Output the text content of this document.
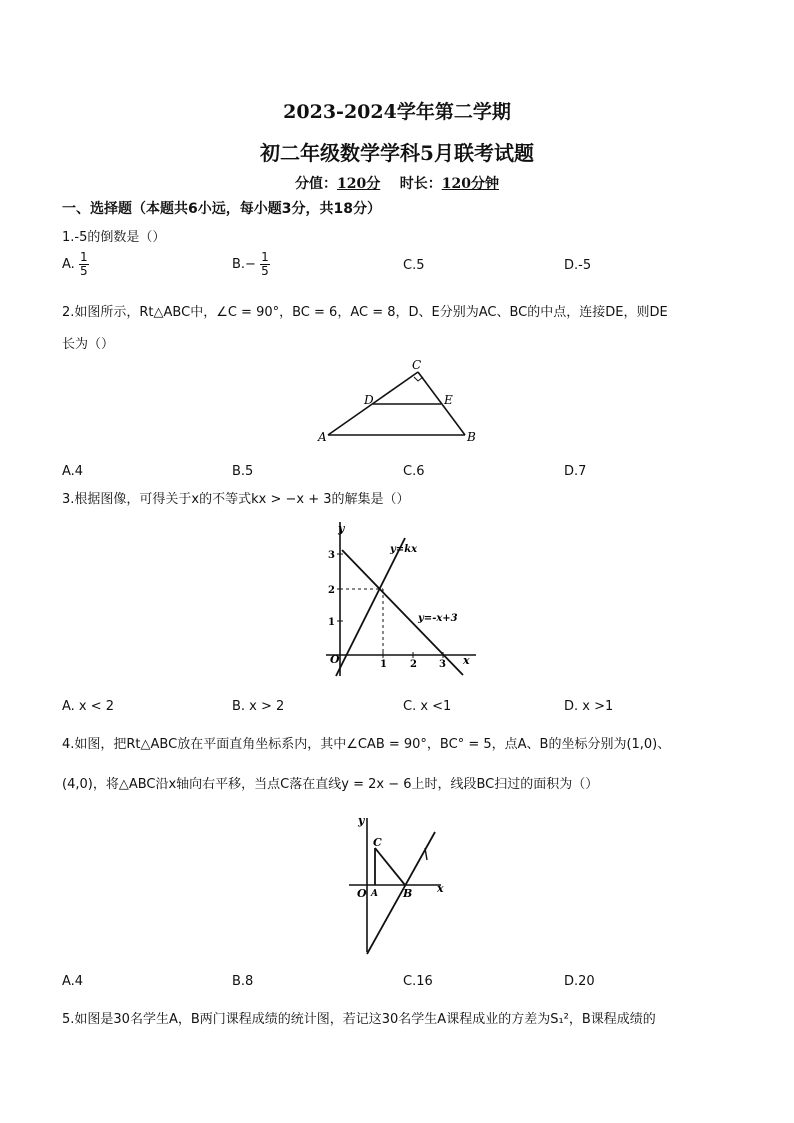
2023-2024学年第二学期
初二年级数学学科5月联考试题
分值：120分 时长：120分钟
一、选择题（本题共6小远，每小题3分，共18分）
1.-5的倒数是（）
A. $\frac{1}{5}$	$B.- \frac{1}{5}$	C.5	D.-5
2.如图所示，Rt△ABC中，∠C = 90°，BC = 6，AC = 8，D、E分别为AC、BC的中点，连接DE，则DE
长为（）
C
D	E
A	B
A.4	B.5	C.6	D.7
3.根据图像，可得关于x的不等式kx > −x + 3的解集是（）
y
x
O
y=kx
y=-x+3
1 2 3
1
2
3
A. x < 2	B. x > 2	C. x <1	D. x >1
4.如图，把Rt△ABC放在平面直角坐标系内，其中∠CAB = 90°，BC° = 5，点A、B的坐标分别为(1,0)、
(4,0)，将△ABC沿x轴向右平移，当点C落在直线y = 2x − 6上时，线段BC扫过的面积为（）
y
x
O
C
A B
A.4	B.8	C.16	D.20
5.如图是30名学生A，B两门课程成绩的统计图，若记这30名学生A课程成业的方差为S₁²，B课程成绩的
